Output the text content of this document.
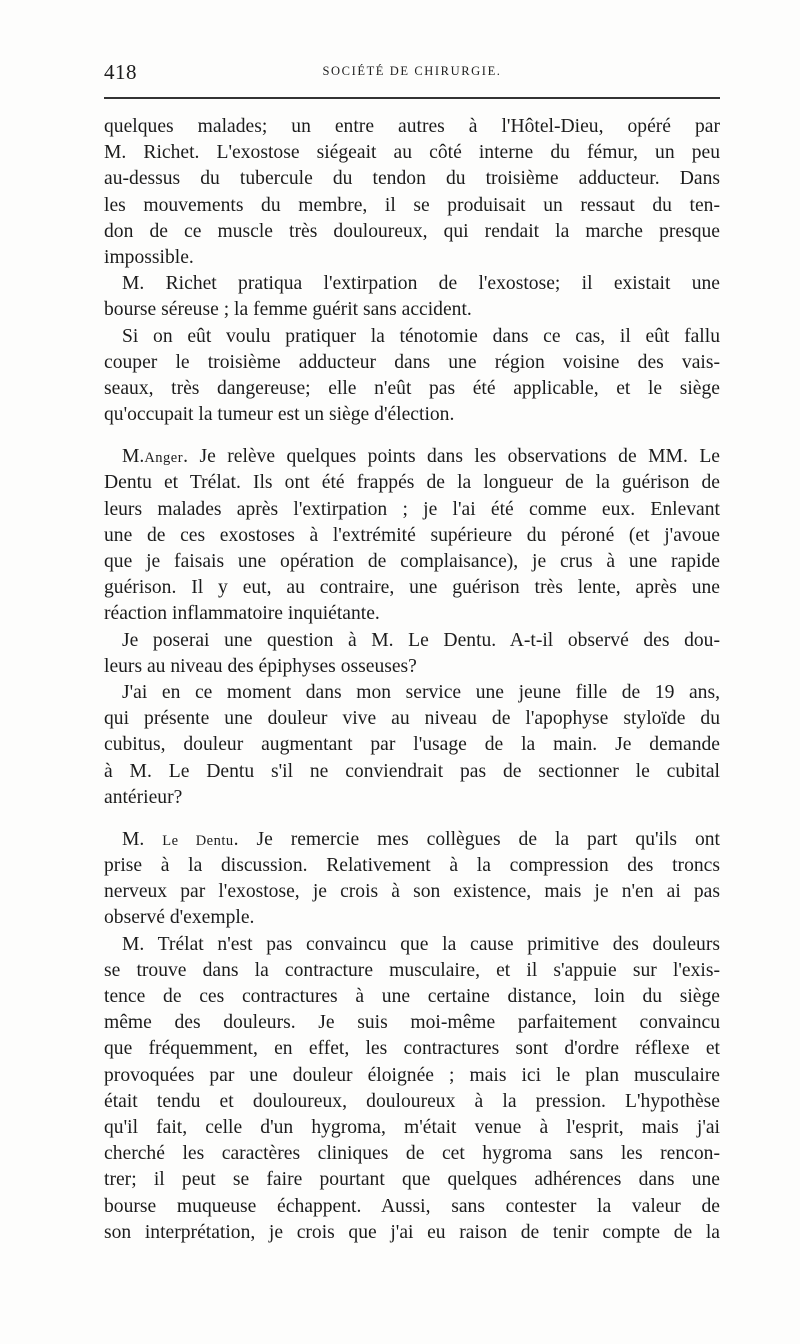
418	SOCIÉTÉ DE CHIRURGIE.
quelques malades; un entre autres à l'Hôtel-Dieu, opéré par
M. Richet. L'exostose siégeait au côté interne du fémur, un peu
au-dessus du tubercule du tendon du troisième adducteur. Dans
les mouvements du membre, il se produisait un ressaut du ten-
don de ce muscle très douloureux, qui rendait la marche presque
impossible.
M. Richet pratiqua l'extirpation de l'exostose; il existait une
bourse séreuse ; la femme guérit sans accident.
Si on eût voulu pratiquer la ténotomie dans ce cas, il eût fallu
couper le troisième adducteur dans une région voisine des vais-
seaux, très dangereuse; elle n'eût pas été applicable, et le siège
qu'occupait la tumeur est un siège d'élection.
M.Anger. Je relève quelques points dans les observations de MM. Le
Dentu et Trélat. Ils ont été frappés de la longueur de la guérison de
leurs malades après l'extirpation ; je l'ai été comme eux. Enlevant
une de ces exostoses à l'extrémité supérieure du péroné (et j'avoue
que je faisais une opération de complaisance), je crus à une rapide
guérison. Il y eut, au contraire, une guérison très lente, après une
réaction inflammatoire inquiétante.
Je poserai une question à M. Le Dentu. A-t-il observé des dou-
leurs au niveau des épiphyses osseuses?
J'ai en ce moment dans mon service une jeune fille de 19 ans,
qui présente une douleur vive au niveau de l'apophyse styloïde du
cubitus, douleur augmentant par l'usage de la main. Je demande
à M. Le Dentu s'il ne conviendrait pas de sectionner le cubital
antérieur?
M. Le Dentu. Je remercie mes collègues de la part qu'ils ont
prise à la discussion. Relativement à la compression des troncs
nerveux par l'exostose, je crois à son existence, mais je n'en ai pas
observé d'exemple.
M. Trélat n'est pas convaincu que la cause primitive des douleurs
se trouve dans la contracture musculaire, et il s'appuie sur l'exis-
tence de ces contractures à une certaine distance, loin du siège
même des douleurs. Je suis moi-même parfaitement convaincu
que fréquemment, en effet, les contractures sont d'ordre réflexe et
provoquées par une douleur éloignée ; mais ici le plan musculaire
était tendu et douloureux, douloureux à la pression. L'hypothèse
qu'il fait, celle d'un hygroma, m'était venue à l'esprit, mais j'ai
cherché les caractères cliniques de cet hygroma sans les rencon-
trer; il peut se faire pourtant que quelques adhérences dans une
bourse muqueuse échappent. Aussi, sans contester la valeur de
son interprétation, je crois que j'ai eu raison de tenir compte de la
